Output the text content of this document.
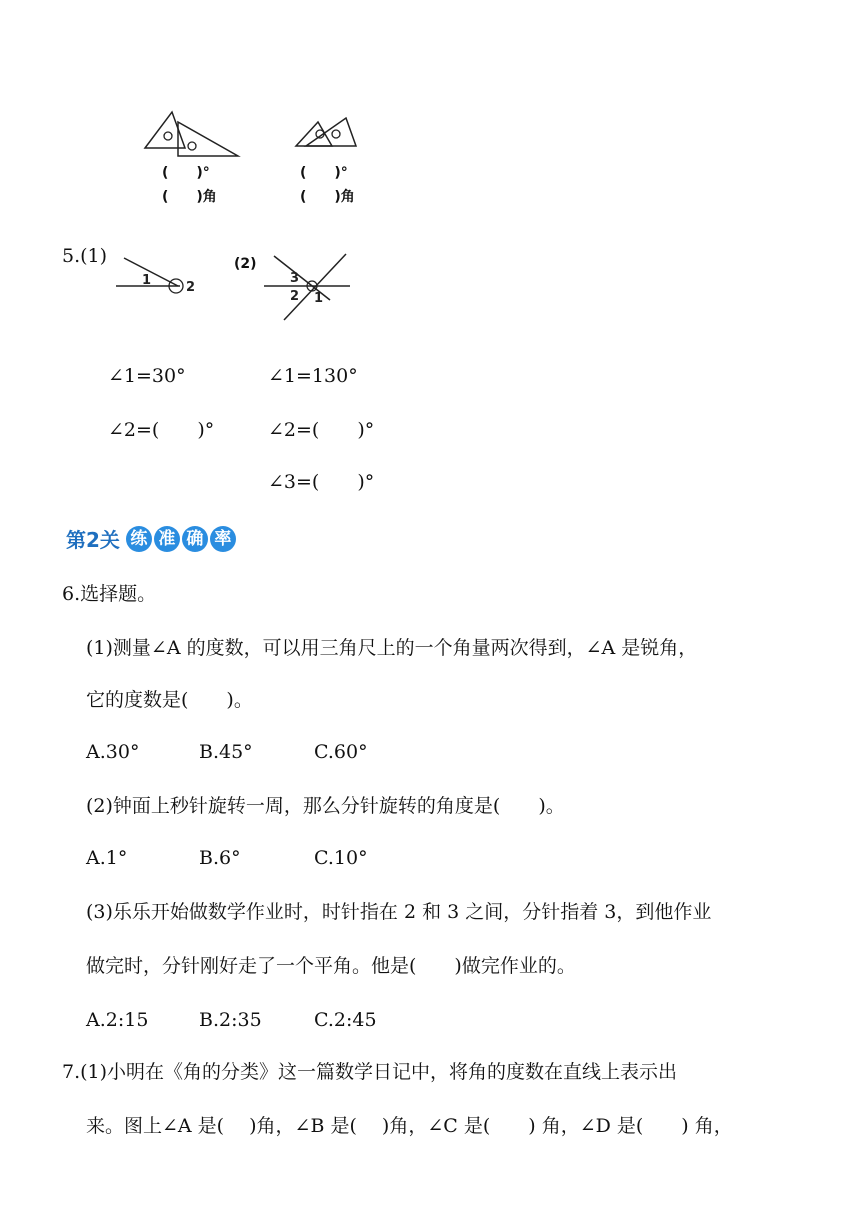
(　　)°
(　　)角
(　　)°
(　　)角
5.(1)
1	2
(2)
3
2 1
∠1=30°
∠2=(　　)°
∠1=130°
∠2=(　　)°
∠3=(　　)°
第2关 练 准 确 率
6.选择题。
(1)测量∠A 的度数，可以用三角尺上的一个角量两次得到，∠A 是锐角，
它的度数是(　　)。
A.30°	B.45°	C.60°
(2)钟面上秒针旋转一周，那么分针旋转的角度是(　　)。
A.1°	B.6°	C.10°
(3)乐乐开始做数学作业时，时针指在 2 和 3 之间，分针指着 3，到他作业
做完时，分针刚好走了一个平角。他是(　　)做完作业的。
A.2:15	B.2:35	C.2:45
7.(1)小明在《角的分类》这一篇数学日记中，将角的度数在直线上表示出
来。图上∠A 是(　 )角，∠B 是(　 )角，∠C 是(　　) 角，∠D 是(　　) 角，
